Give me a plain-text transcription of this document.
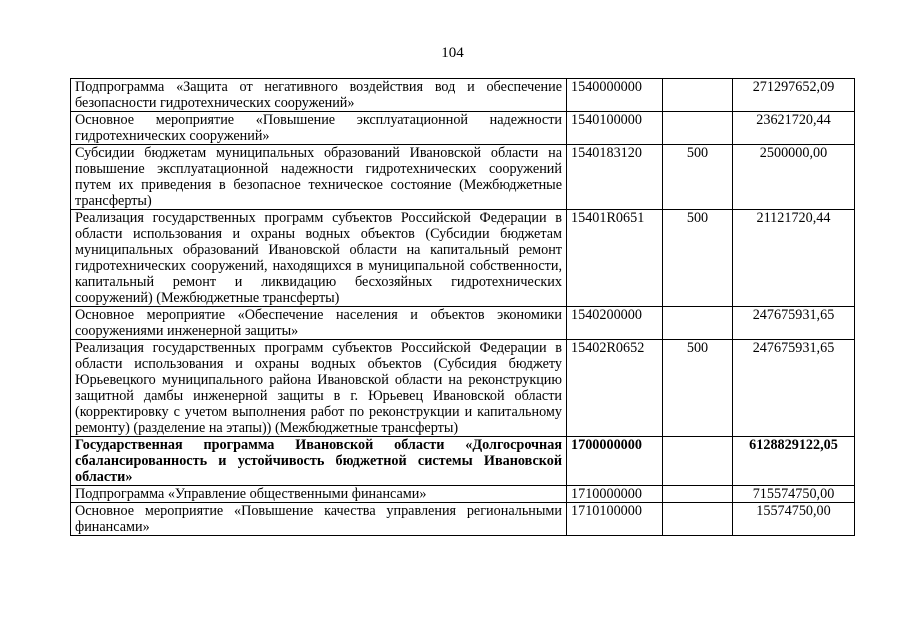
104
Подпрограмма «Защита от негативного воздействия вод и обеспечение безопасности гидротехнических сооружений»	1540000000		271297652,09
Основное мероприятие «Повышение эксплуатационной надежности гидротехнических сооружений»	1540100000		23621720,44
Субсидии бюджетам муниципальных образований Ивановской области на повышение эксплуатационной надежности гидротехнических сооружений путем их приведения в безопасное техническое состояние (Межбюджетные трансферты)	1540183120	500	2500000,00
Реализация государственных программ субъектов Российской Федерации в области использования и охраны водных объектов (Субсидии бюджетам муниципальных образований Ивановской области на капитальный ремонт гидротехнических сооружений, находящихся в муниципальной собственности, капитальный ремонт и ликвидацию бесхозяйных гидротехнических сооружений) (Межбюджетные трансферты)	15401R0651	500	21121720,44
Основное мероприятие «Обеспечение населения и объектов экономики сооружениями инженерной защиты»	1540200000		247675931,65
Реализация государственных программ субъектов Российской Федерации в области использования и охраны водных объектов (Субсидия бюджету Юрьевецкого муниципального района Ивановской области на реконструкцию защитной дамбы инженерной защиты в г. Юрьевец Ивановской области (корректировку с учетом выполнения работ по реконструкции и капитальному ремонту) (разделение на этапы)) (Межбюджетные трансферты)	15402R0652	500	247675931,65
Государственная программа Ивановской области «Долгосрочная сбалансированность и устойчивость бюджетной системы Ивановской области»	1700000000		6128829122,05
Подпрограмма «Управление общественными финансами»	1710000000		715574750,00
Основное мероприятие «Повышение качества управления региональными финансами»	1710100000		15574750,00
